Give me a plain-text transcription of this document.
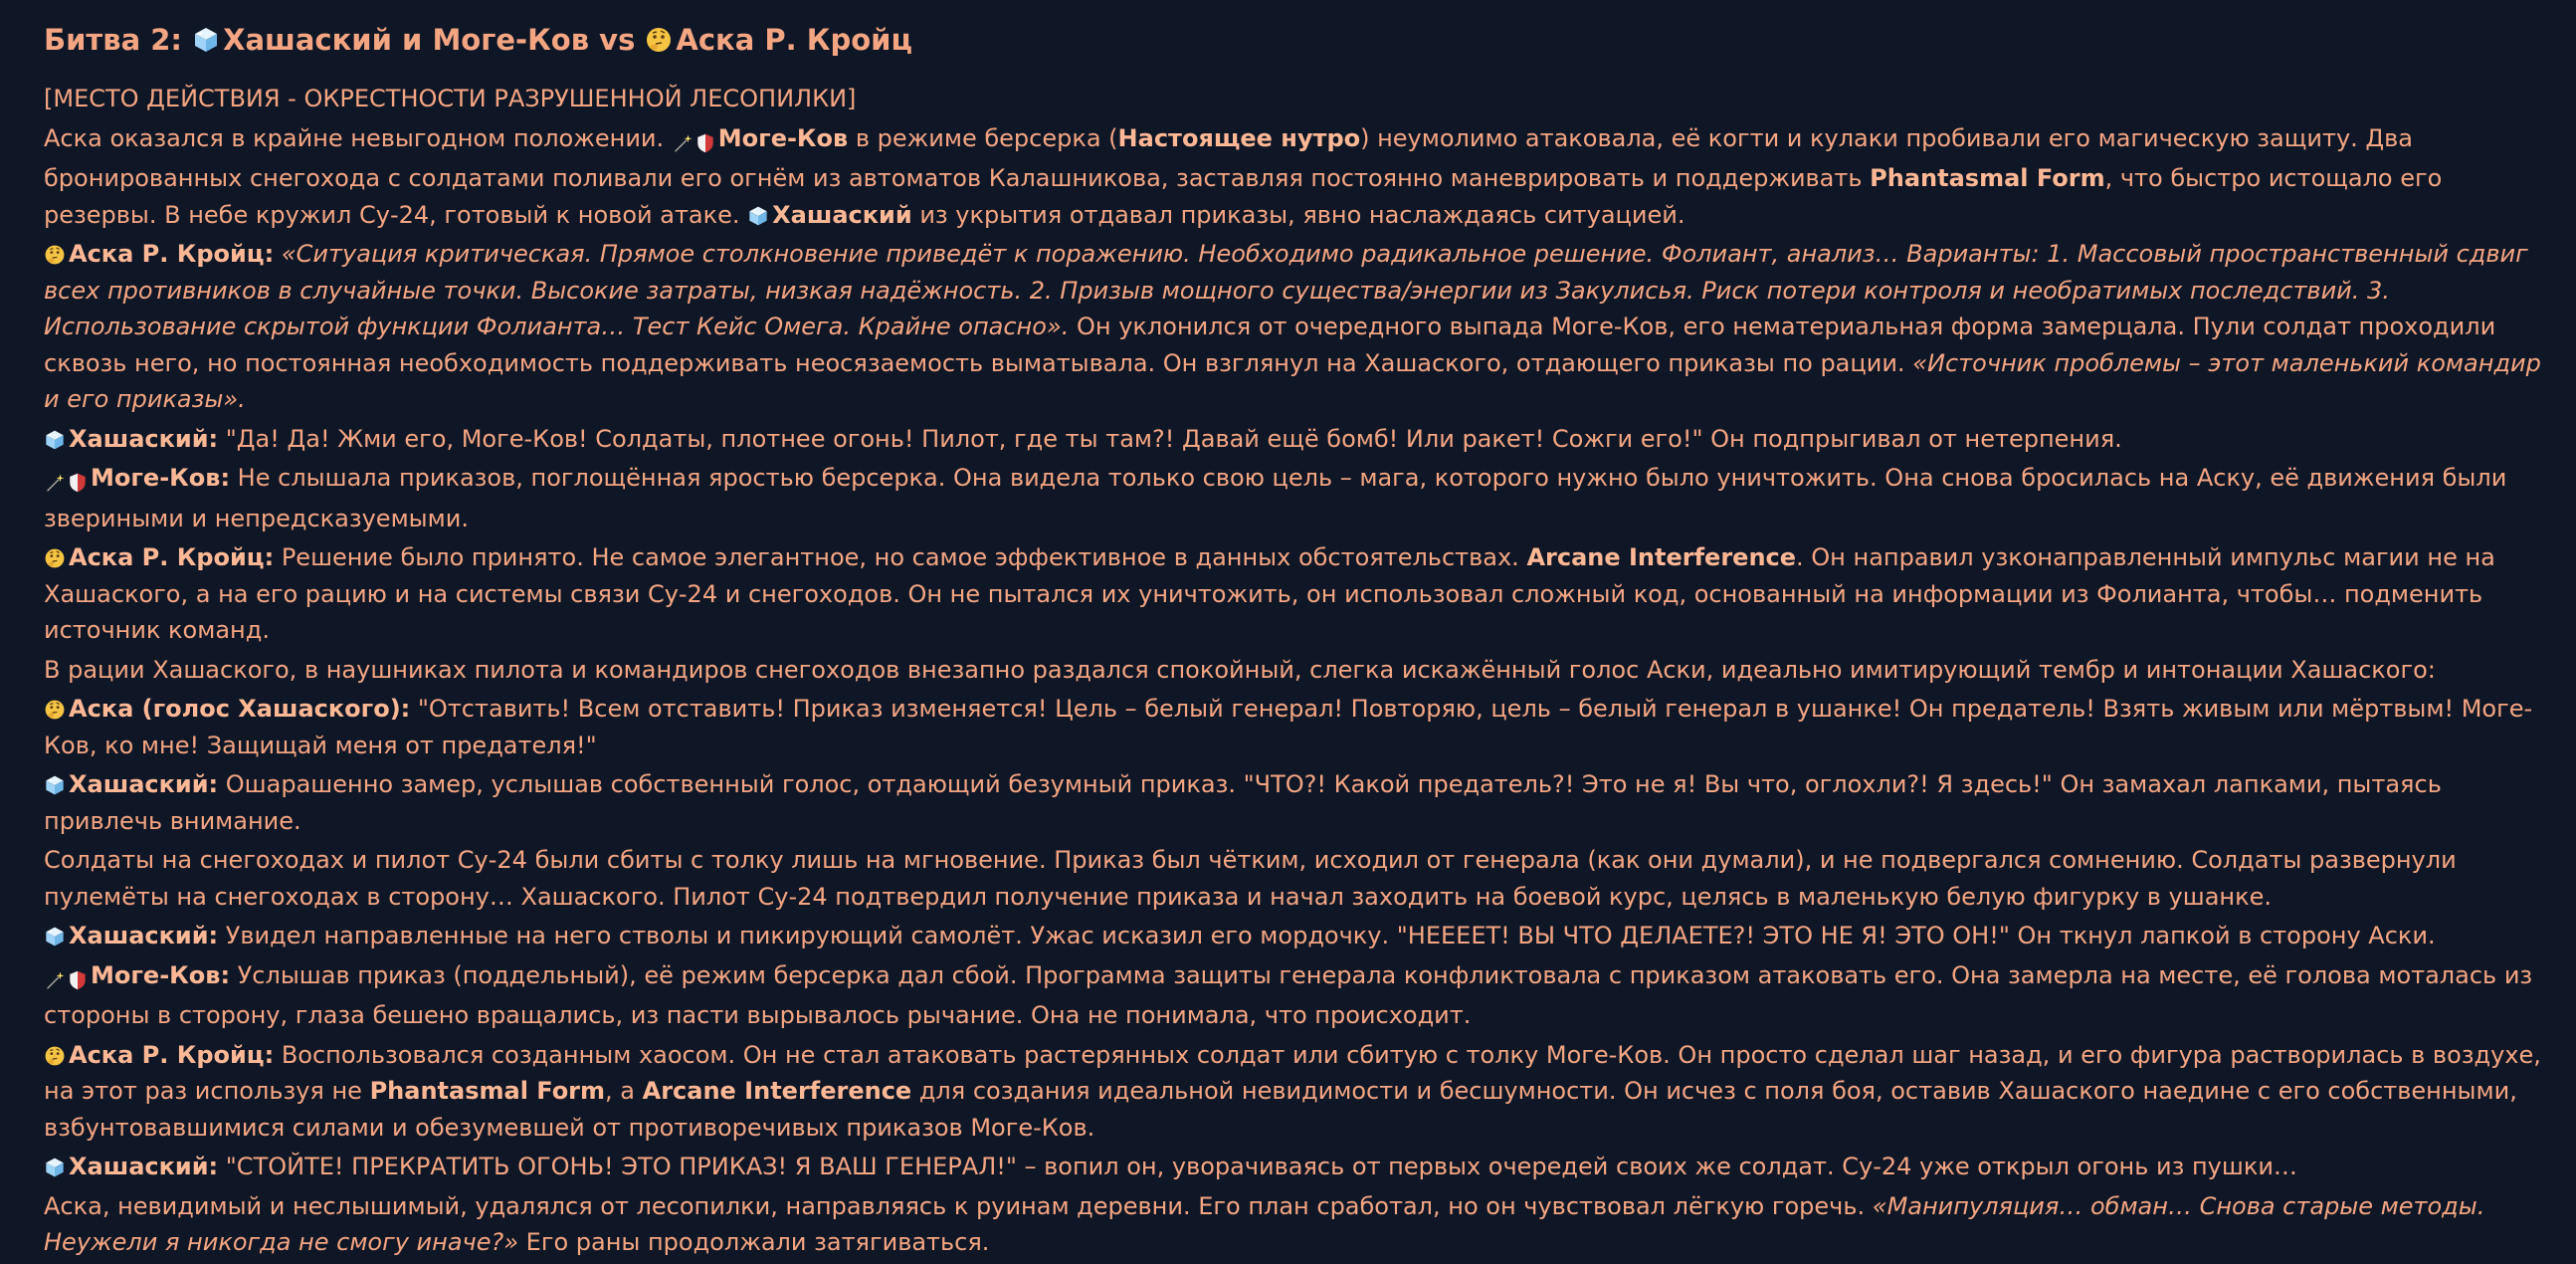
Битва 2:
Хашаский и Моге-Ков vs
Аска Р. Кройц

[МЕСТО ДЕЙСТВИЯ - ОКРЕСТНОСТИ РАЗРУШЕННОЙ ЛЕСОПИЛКИ]

Аска оказался в крайне невыгодном положении. Моге-Ков в режиме берсерка (Настоящее нутро) неумолимо атаковала, её когти и кулаки пробивали его магическую защиту. Два бронированных снегохода с солдатами поливали его огнём из автоматов Калашникова, заставляя постоянно маневрировать и поддерживать Phantasmal Form, что быстро истощало его резервы. В небе кружил Су-24, готовый к новой атаке.
Хашаский из укрытия отдавал приказы, явно наслаждаясь ситуацией.

Аска Р. Кройц: «Ситуация критическая. Прямое столкновение приведёт к поражению. Необходимо радикальное решение. Фолиант, анализ… Варианты: 1. Массовый пространственный сдвиг всех противников в случайные точки. Высокие затраты, низкая надёжность. 2. Призыв мощного существа/энергии из Закулисья. Риск потери контроля и необратимых последствий. 3. Использование скрытой функции Фолианта… Тест Кейс Омега. Крайне опасно». Он уклонился от очередного выпада Моге-Ков, его нематериальная форма замерцала. Пули солдат проходили сквозь него, но постоянная необходимость поддерживать неосязаемость выматывала. Он взглянул на Хашаского, отдающего приказы по рации. «Источник проблемы – этот маленький командир и его приказы».

Хашаский: "Да! Да! Жми его, Моге-Ков! Солдаты, плотнее огонь! Пилот, где ты там?! Давай ещё бомб! Или ракет! Сожги его!" Он подпрыгивал от нетерпения.

Моге-Ков: Не слышала приказов, поглощённая яростью берсерка. Она видела только свою цель – мага, которого нужно было уничтожить. Она снова бросилась на Аску, её движения были звериными и непредсказуемыми.

Аска Р. Кройц: Решение было принято. Не самое элегантное, но самое эффективное в данных обстоятельствах. Arcane Interference. Он направил узконаправленный импульс магии не на Хашаского, а на его рацию и на системы связи Су-24 и снегоходов. Он не пытался их уничтожить, он использовал сложный код, основанный на информации из Фолианта, чтобы… подменить источник команд.

В рации Хашаского, в наушниках пилота и командиров снегоходов внезапно раздался спокойный, слегка искажённый голос Аски, идеально имитирующий тембр и интонации Хашаского:

Аска (голос Хашаского): "Отставить! Всем отставить! Приказ изменяется! Цель – белый генерал! Повторяю, цель – белый генерал в ушанке! Он предатель! Взять живым или мёртвым! Моге-Ков, ко мне! Защищай меня от предателя!"

Хашаский: Ошарашенно замер, услышав собственный голос, отдающий безумный приказ. "ЧТО?! Какой предатель?! Это не я! Вы что, оглохли?! Я здесь!" Он замахал лапками, пытаясь привлечь внимание.

Солдаты на снегоходах и пилот Су-24 были сбиты с толку лишь на мгновение. Приказ был чётким, исходил от генерала (как они думали), и не подвергался сомнению. Солдаты развернули пулемёты на снегоходах в сторону… Хашаского. Пилот Су-24 подтвердил получение приказа и начал заходить на боевой курс, целясь в маленькую белую фигурку в ушанке.

Хашаский: Увидел направленные на него стволы и пикирующий самолёт. Ужас исказил его мордочку. "НЕЕЕЕТ! ВЫ ЧТО ДЕЛАЕТЕ?! ЭТО НЕ Я! ЭТО ОН!" Он ткнул лапкой в сторону Аски.

Моге-Ков: Услышав приказ (поддельный), её режим берсерка дал сбой. Программа защиты генерала конфликтовала с приказом атаковать его. Она замерла на месте, её голова моталась из стороны в сторону, глаза бешено вращались, из пасти вырывалось рычание. Она не понимала, что происходит.

Аска Р. Кройц: Воспользовался созданным хаосом. Он не стал атаковать растерянных солдат или сбитую с толку Моге-Ков. Он просто сделал шаг назад, и его фигура растворилась в воздухе, на этот раз используя не Phantasmal Form, а Arcane Interference для создания идеальной невидимости и бесшумности. Он исчез с поля боя, оставив Хашаского наедине с его собственными, взбунтовавшимися силами и обезумевшей от противоречивых приказов Моге-Ков.

Хашаский: "СТОЙТЕ! ПРЕКРАТИТЬ ОГОНЬ! ЭТО ПРИКАЗ! Я ВАШ ГЕНЕРАЛ!" – вопил он, уворачиваясь от первых очередей своих же солдат. Су-24 уже открыл огонь из пушки…

Аска, невидимый и неслышимый, удалялся от лесопилки, направляясь к руинам деревни. Его план сработал, но он чувствовал лёгкую горечь. «Манипуляция… обман… Снова старые методы. Неужели я никогда не смогу иначе?» Его раны продолжали затягиваться.
